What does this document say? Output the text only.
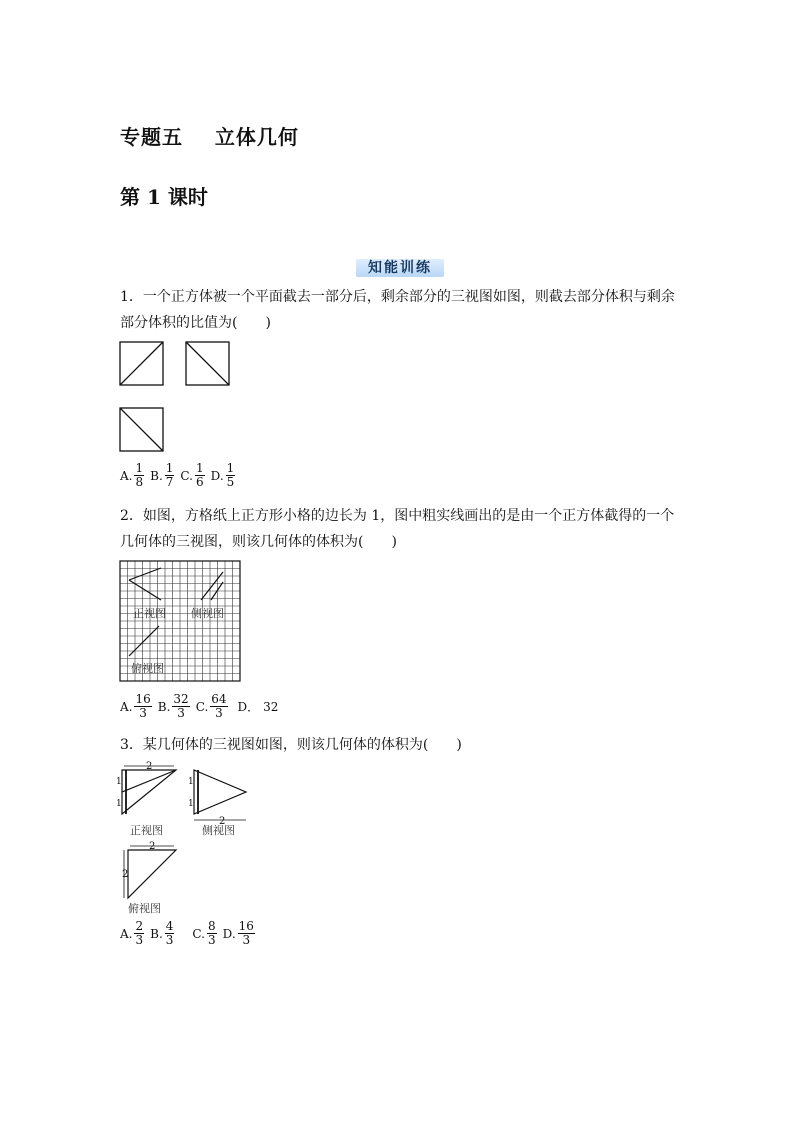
专题五    立体几何
第 1 课时
知能训练
1．一个正方体被一个平面截去一部分后，剩余部分的三视图如图，则截去部分体积与剩余部分体积的比值为(　　)
A. $\frac{1}{8} B$. $\frac{1}{7} C$. $\frac{1}{6} D$. $\frac{1}{5}$
2．如图，方格纸上正方形小格的边长为 1，图中粗实线画出的是由一个正方体截得的一个几何体的三视图，则该几何体的体积为(　　)
正视图 侧视图
俯视图
A. $\frac{16}{3} B$. $\frac{32}{3} C$. $\frac{64}{3}$ D． 32
3．某几何体的三视图如图，则该几何体的体积为(　　)
2
1
1
1
1
2
正视图	侧视图
2
2
俯视图
A. $\frac{2}{3} B$. $\frac{4}{3} C$. $\frac{8}{3} D$. $\frac{16}{3}$
